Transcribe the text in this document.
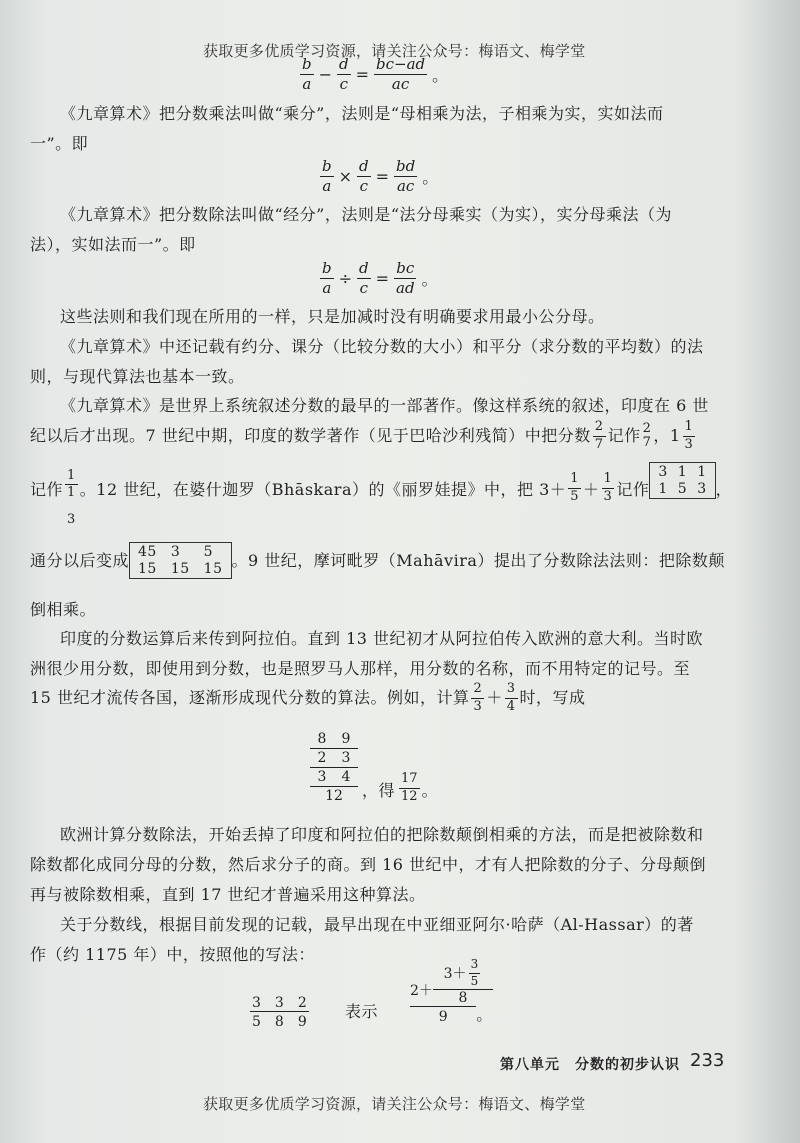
获取更多优质学习资源，请关注公众号：梅语文、梅学堂
$\frac{b}{a} - \frac{d}{c} = \frac{bc-ad}{ac}$ 。
《九章算术》把分数乘法叫做“乘分”，法则是“母相乘为法，子相乘为实，实如法而
一”。即
$\frac{b}{a} \times \frac{d}{c} = \frac{bd}{ac}$ 。
《九章算术》把分数除法叫做“经分”，法则是“法分母乘实（为实），实分母乘法（为
法），实如法而一”。即
$\frac{b}{a} \div \frac{d}{c} = \frac{bc}{ad}$ 。
这些法则和我们现在所用的一样，只是加减时没有明确要求用最小公分母。
《九章算术》中还记载有约分、课分（比较分数的大小）和平分（求分数的平均数）的法
则，与现代算法也基本一致。
《九章算术》是世界上系统叙述分数的最早的一部著作。像这样系统的叙述，印度在 6 世
纪以后才出现。7 世纪中期，印度的数学著作（见于巴哈沙利残简）中把分数 $\frac{2}{7}$ 记作 2
7 ，$1 \frac{1}{3}$
记作
1
1
3
。12 世纪，在婆什迦罗（Bhāskara）的《丽罗娃提》中，把 $3+ \frac{1}{5} + \frac{1}{3}$ 记作
3 1 1
1 5 3 ，
通分以后变成 45 3	5
15 15 15 。9 世纪，摩诃毗罗（Mahāvira）提出了分数除法法则：把除数颠
倒相乘。
印度的分数运算后来传到阿拉伯。直到 13 世纪初才从阿拉伯传入欧洲的意大利。当时欧
洲很少用分数，即使用到分数，也是照罗马人那样，用分数的名称，而不用特定的记号。至
15 世纪才流传各国，逐渐形成现代分数的算法。例如，计算 $\frac{2}{3} + \frac{3}{4}$ 时，写成
8	9
2	3
3	4
12	，得 $\frac{17}{12}$ 。
欧洲计算分数除法，开始丢掉了印度和阿拉伯的把除数颠倒相乘的方法，而是把被除数和
除数都化成同分母的分数，然后求分子的商。到 16 世纪中，才有人把除数的分子、分母颠倒
再与被除数相乘，直到 17 世纪才普遍采用这种算法。
关于分数线，根据目前发现的记载，最早出现在中亚细亚阿尔·哈萨（Al-Hassar）的著
作（约 1175 年）中，按照他的写法：
3 3 2
5 8 9
表示
2＋
$3+ \frac{3}{5}$
8
9	。
第八单元　分数的初步认识 233
获取更多优质学习资源，请关注公众号：梅语文、梅学堂
